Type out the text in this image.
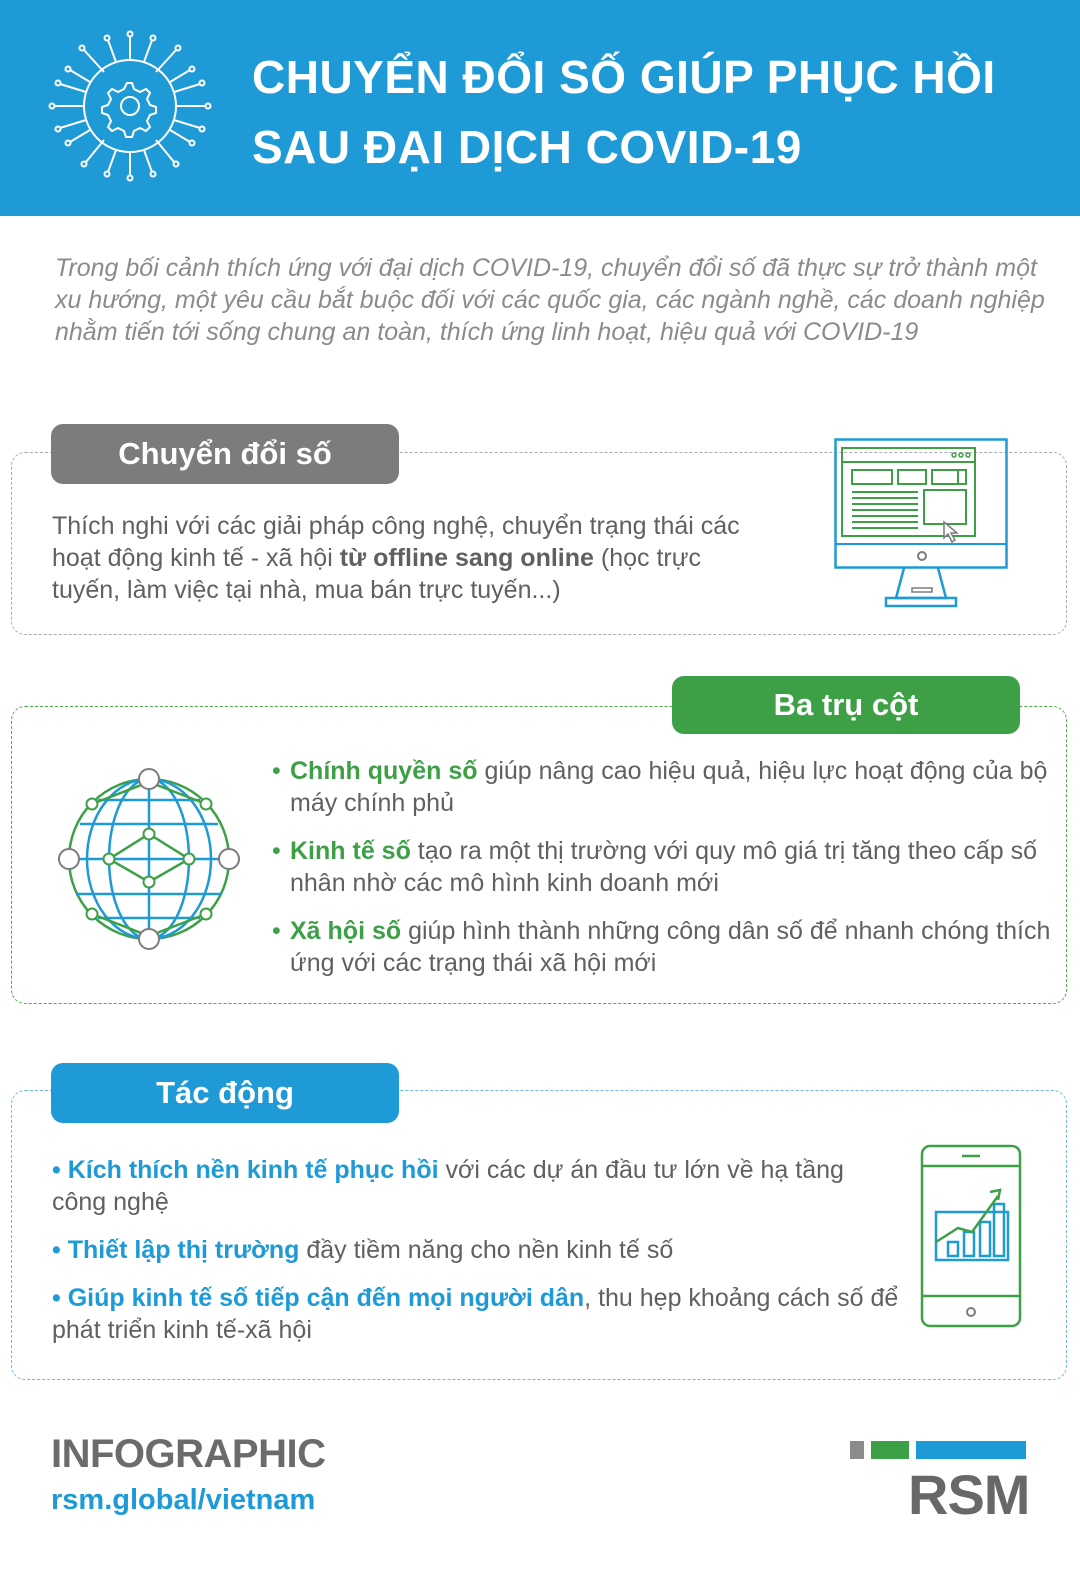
CHUYỂN ĐỔI SỐ GIÚP PHỤC HỒI
SAU ĐẠI DỊCH COVID-19
Trong bối cảnh thích ứng với đại dịch COVID-19, chuyển đổi số đã thực sự trở thành một xu hướng, một yêu cầu bắt buộc đối với các quốc gia, các ngành nghề, các doanh nghiệp nhằm tiến tới sống chung an toàn, thích ứng linh hoạt, hiệu quả với COVID-19
Chuyển đổi số
Thích nghi với các giải pháp công nghệ, chuyển trạng thái các hoạt động kinh tế - xã hội từ offline sang online (học trực tuyến, làm việc tại nhà, mua bán trực tuyến...)
Ba trụ cột
• Chính quyền số giúp nâng cao hiệu quả, hiệu lực hoạt động của bộ máy chính phủ
• Kinh tế số tạo ra một thị trường với quy mô giá trị tăng theo cấp số nhân nhờ các mô hình kinh doanh mới
• Xã hội số giúp hình thành những công dân số để nhanh chóng thích ứng với các trạng thái xã hội mới
Tác động
• Kích thích nền kinh tế phục hồi với các dự án đầu tư lớn về hạ tầng công nghệ
• Thiết lập thị trường đầy tiềm năng cho nền kinh tế số
• Giúp kinh tế số tiếp cận đến mọi người dân, thu hẹp khoảng cách số để phát triển kinh tế-xã hội
INFOGRAPHIC
rsm.global/vietnam	RSM
